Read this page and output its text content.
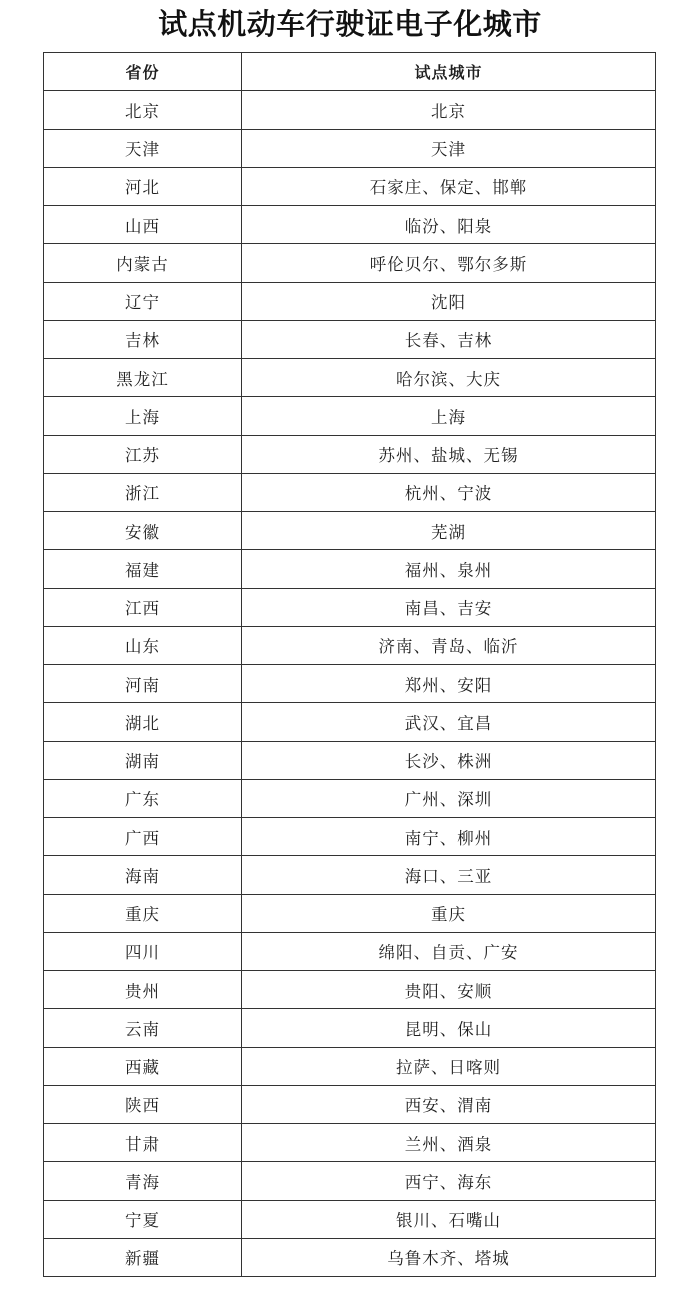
试点机动车行驶证电子化城市
省份	试点城市
北京	北京
天津	天津
河北	石家庄、保定、邯郸
山西	临汾、阳泉
内蒙古	呼伦贝尔、鄂尔多斯
辽宁	沈阳
吉林	长春、吉林
黑龙江	哈尔滨、大庆
上海	上海
江苏	苏州、盐城、无锡
浙江	杭州、宁波
安徽	芜湖
福建	福州、泉州
江西	南昌、吉安
山东	济南、青岛、临沂
河南	郑州、安阳
湖北	武汉、宜昌
湖南	长沙、株洲
广东	广州、深圳
广西	南宁、柳州
海南	海口、三亚
重庆	重庆
四川	绵阳、自贡、广安
贵州	贵阳、安顺
云南	昆明、保山
西藏	拉萨、日喀则
陕西	西安、渭南
甘肃	兰州、酒泉
青海	西宁、海东
宁夏	银川、石嘴山
新疆	乌鲁木齐、塔城
